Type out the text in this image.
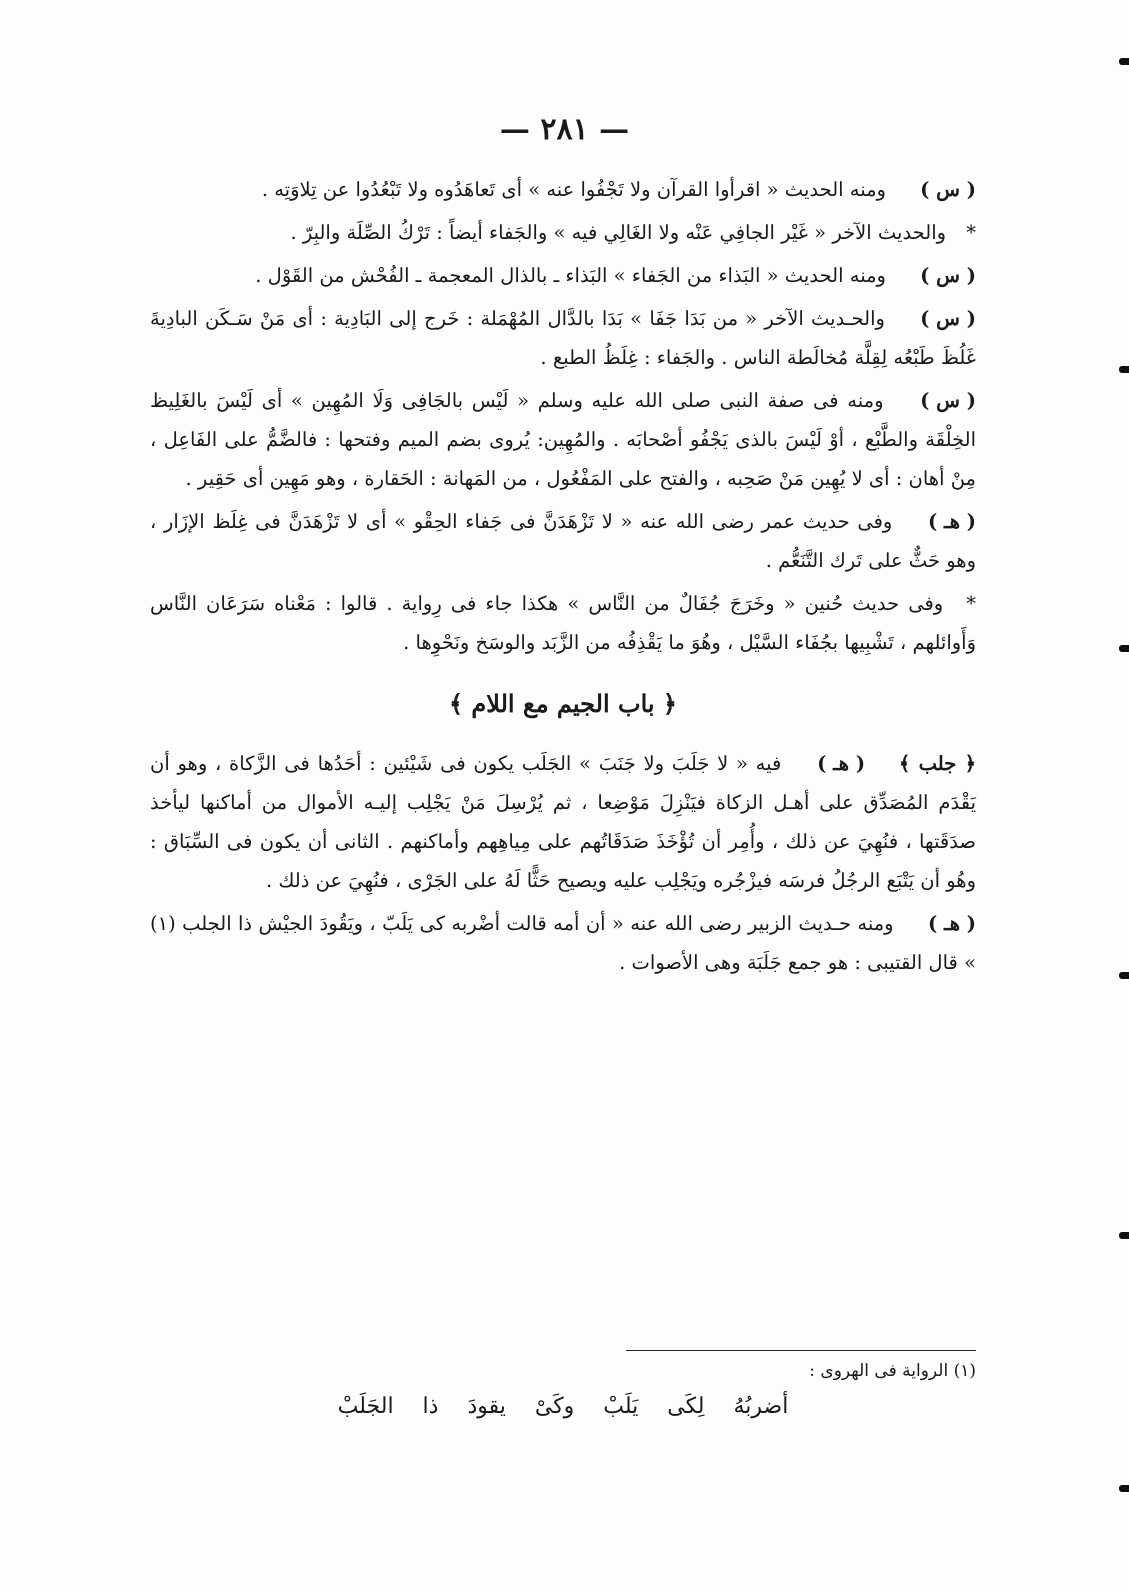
— ٢٨١ —

( س ) ومنه الحديث « اقرأوا القرآن ولا تَجْفُوا عنه » أى تَعاهَدُوه ولا تَبْعُدُوا عن تِلاوَتِه .

* والحديث الآخر « غَيْر الجافِي عَنْه ولا الغَالِي فيه » والجَفاء أيضاً : تَرْكُ الصِّلَة والبِرّ .

( س ) ومنه الحديث « البَذاء من الجَفاء » البَذاء ـ بالذال المعجمة ـ الفُحْش من القَوْل .

( س ) والحـديث الآخر « من بَدَا جَفَا » بَدَا بالدَّال المُهْمَلة : خَرج إلى البَادِية : أى مَنْ سَـكَن البادِيةَ غَلُظَ طَبْعُه لِقِلَّة مُخالَطة الناس . والجَفاء : غِلَظُ الطبع .

( س ) ومنه فى صفة النبى صلى الله عليه وسلم « لَيْس بالجَافِى وَلَا المُهِين » أى لَيْسَ بالغَلِيظ الخِلْقَة والطَّبْع ، أوْ لَيْسَ بالذى يَجْفُو أصْحابَه . والمُهِين: يُروى بضم الميم وفتحها : فالضَّمُّ على الفَاعِل ، مِنْ أهان : أى لا يُهِين مَنْ صَحِبه ، والفتح على المَفْعُول ، من المَهانة : الحَقارة ، وهو مَهِين أى حَقِير .

( هـ ) وفى حديث عمر رضى الله عنه « لا تَزْهَدَنَّ فى جَفاء الحِقْو » أى لا تَزْهَدَنَّ فى غِلَظ الإزَار ، وهو حَثٌّ على تَرك التَّنَعُّم .

* وفى حديث حُنين « وخَرَجَ جُفَالٌ من النَّاس » هكذا جاء فى رِواية . قالوا : مَعْناه سَرَعَان النَّاس وَأَوائلهم ، تَشْبِيها بجُفَاء السَّيْل ، وهُوَ ما يَقْذِفُه من الزَّبَد والوسَخ ونَحْوِها .

﴿ باب الجيم مع اللام ﴾

﴿ جلب ﴾ ( هـ ) فيه « لا جَلَبَ ولا جَنَبَ » الجَلَب يكون فى شَيْئين : أحَدُها فى الزَّكاة ، وهو أن يَقْدَم المُصَدِّق على أهـل الزكاة فيَنْزِلَ مَوْضِعا ، ثم يُرْسِلَ مَنْ يَجْلِب إليـه الأموال من أماكنها ليأخذ صدَقَتها ، فنُهِيَ عن ذلك ، وأُمِر أن تُؤْخَذَ صَدَقَاتُهم على مِياهِهم وأماكنهم . الثانى أن يكون فى السِّبَاق : وهُو أن يَتْبَع الرجُلُ فرسَه فيزْجُره ويَجْلِب عليه ويصيح حَثًّا لَهُ على الجَرْى ، فنُهِيَ عن ذلك .

( هـ ) ومنه حـديث الزبير رضى الله عنه « أن أمه قالت أضْربه كى يَلَبّ ، ويَقُودَ الجيْش ذا الجلب (١) » قال القتيبى : هو جمع جَلَبَة وهى الأصوات .

(١) الرواية فى الهروى :
أضربُهُ لِكَى يَلَبْ وكَىْ يقودَ ذا الجَلَبْ
